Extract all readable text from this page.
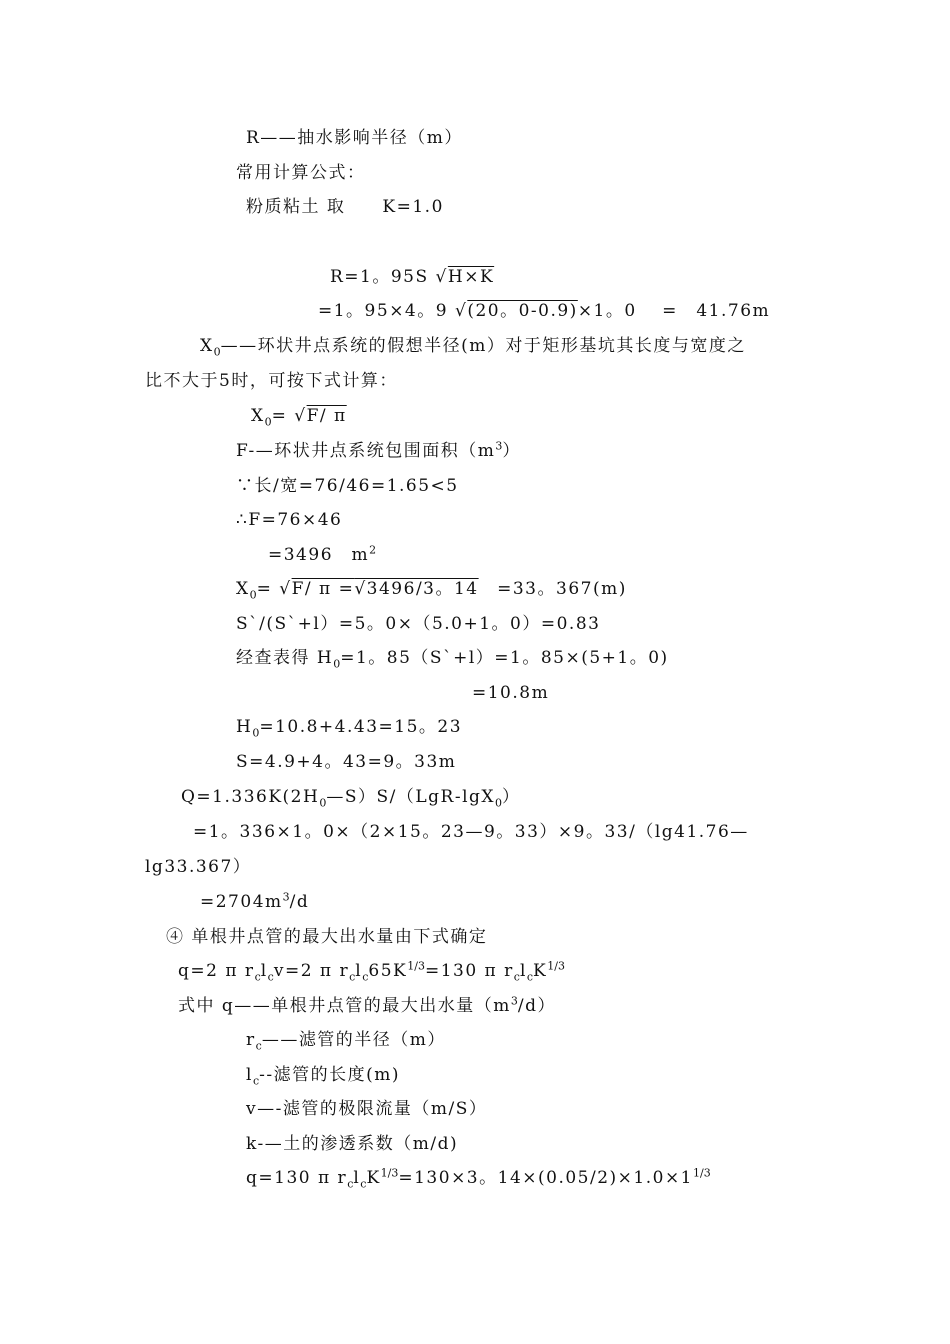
R——抽水影响半径（m）
常用计算公式：
粉质粘土 取　　K=1.0
R=1。95S √H×K
=1。95×4。9 √(20。0-0.9)×1。0　 =　41.76m
$X_0——$环状井点系统的假想半径(m）对于矩形基坑其长度与宽度之
比不大于5时，可按下式计算：
$X_0= √F/$ π
F-—环状井点系统包围面积$(m^3)$
∵长/宽=76/46=1.65<5
∴F=76×46
=3496　$m^2$
$X_0= √F/$ π =√3496/3。14　=33。367(m)
S`/(S`+l）=5。0×（5.0+1。0）=0.83
经查表得 $H_0=1$。85（S`+l）=1。85×(5+1。0)
=10.8m
$H_0=10.8+4.43=15$。23
S=4.9+4。43=9。33m
$Q=1.336K(2H_0—S)S/(LgR-\lg X_0)$
=1。336×1。0×（2×15。23—9。33）×9。33/（lg41.76—
lg33.367）
$=2704m^3/d$
④ 单根井点管的最大出水量由下式确定
q=2 π $r_cl_cv=2$ π $r_cl_c65K^{1/3}=130$ π $r_cl_cK^{1/3}$
式中 q——单根井点管的最大出水量$(m^3/d)$
$r_c——$滤管的半径（m）
$l_c--$滤管的长度(m)
v—-滤管的极限流量（m/S）
k-—土的渗透系数（m/d)
q=130 π $r_cl_cK^{1/3}=130\times 3$。$14\times(0.05/2)\times 1.0\times 1^{1/3}$
